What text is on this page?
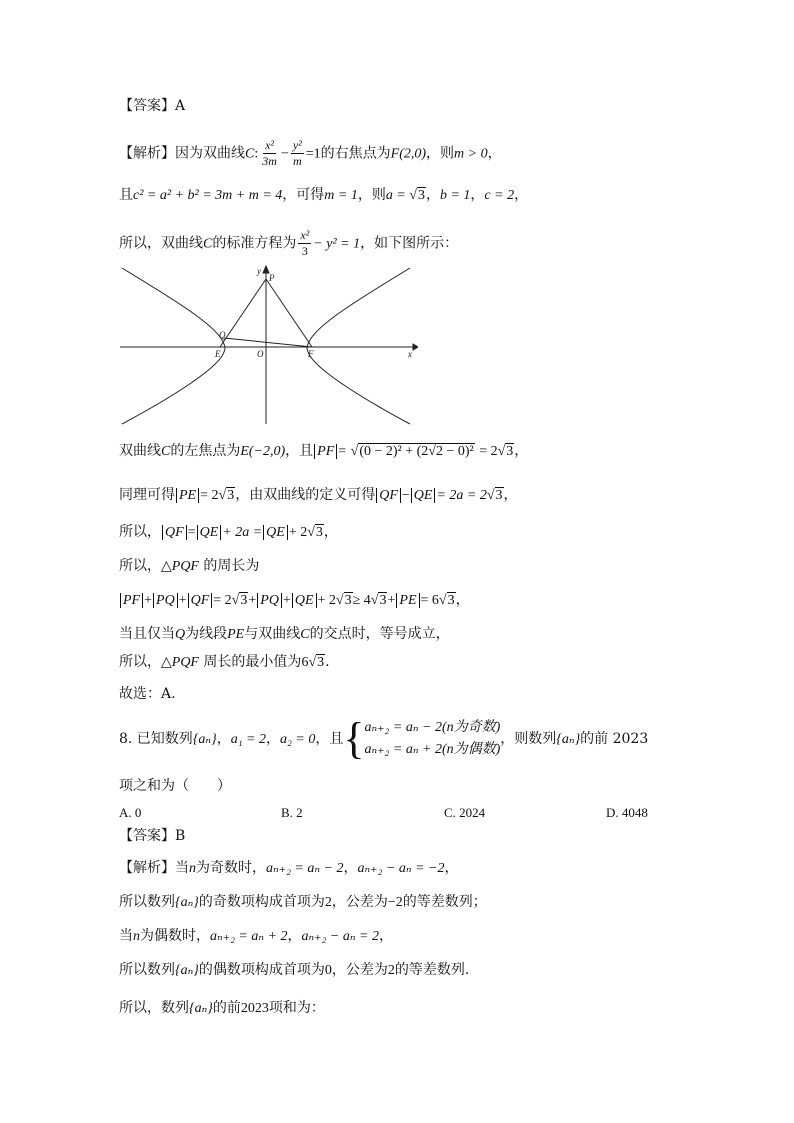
【答案】A
【解析】因为双曲线C: $\frac{\text{x²}}{3m} - \frac{\text{y²}}{m} =1$的右焦点为F(2,0)，则m > 0，
且c² = a² + b² = 3m + m = 4，可得m = 1，则a = √3，b = 1，c = 2，
所以，双曲线C的标准方程为 $\frac{\text{x²}}{3} - y^2 = 1$，如下图所示：
y
P
Q
E	O	F	x
双曲线C的左焦点为E(−2,0)，且 PF = √(0 − 2)² + (2√2 − 0)² = 2√3，
同理可得 PE = 2√3，由双曲线的定义可得 QF − QE = 2a = 2√3，
所以， QF = QE + 2a = QE + 2√3，
所以，△PQF 的周长为
PF + PQ + QF = 2√3+ PQ + QE + 2√3≥ 4√3+ PE = 6√3，
当且仅当Q为线段PE与双曲线C的交点时，等号成立，
所以，△PQF 周长的最小值为6√3.
故选：A.
8. 已知数列{aₙ}，a₁ = 2，a₂ = 0，且{ aₙ₊₂ = aₙ − 2(n为奇数)
aₙ₊₂ = aₙ + 2(n为偶数)
，则数列{aₙ}的前 2023
项之和为（　　）
A. 0	B. 2	C. 2024	D. 4048
【答案】B
【解析】当n为奇数时，aₙ₊₂ = aₙ − 2，aₙ₊₂ − aₙ = −2，
所以数列{aₙ}的奇数项构成首项为2，公差为−2的等差数列；
当n为偶数时，aₙ₊₂ = aₙ + 2，aₙ₊₂ − aₙ = 2，
所以数列{aₙ}的偶数项构成首项为0，公差为2的等差数列.
所以，数列{aₙ}的前2023项和为：
